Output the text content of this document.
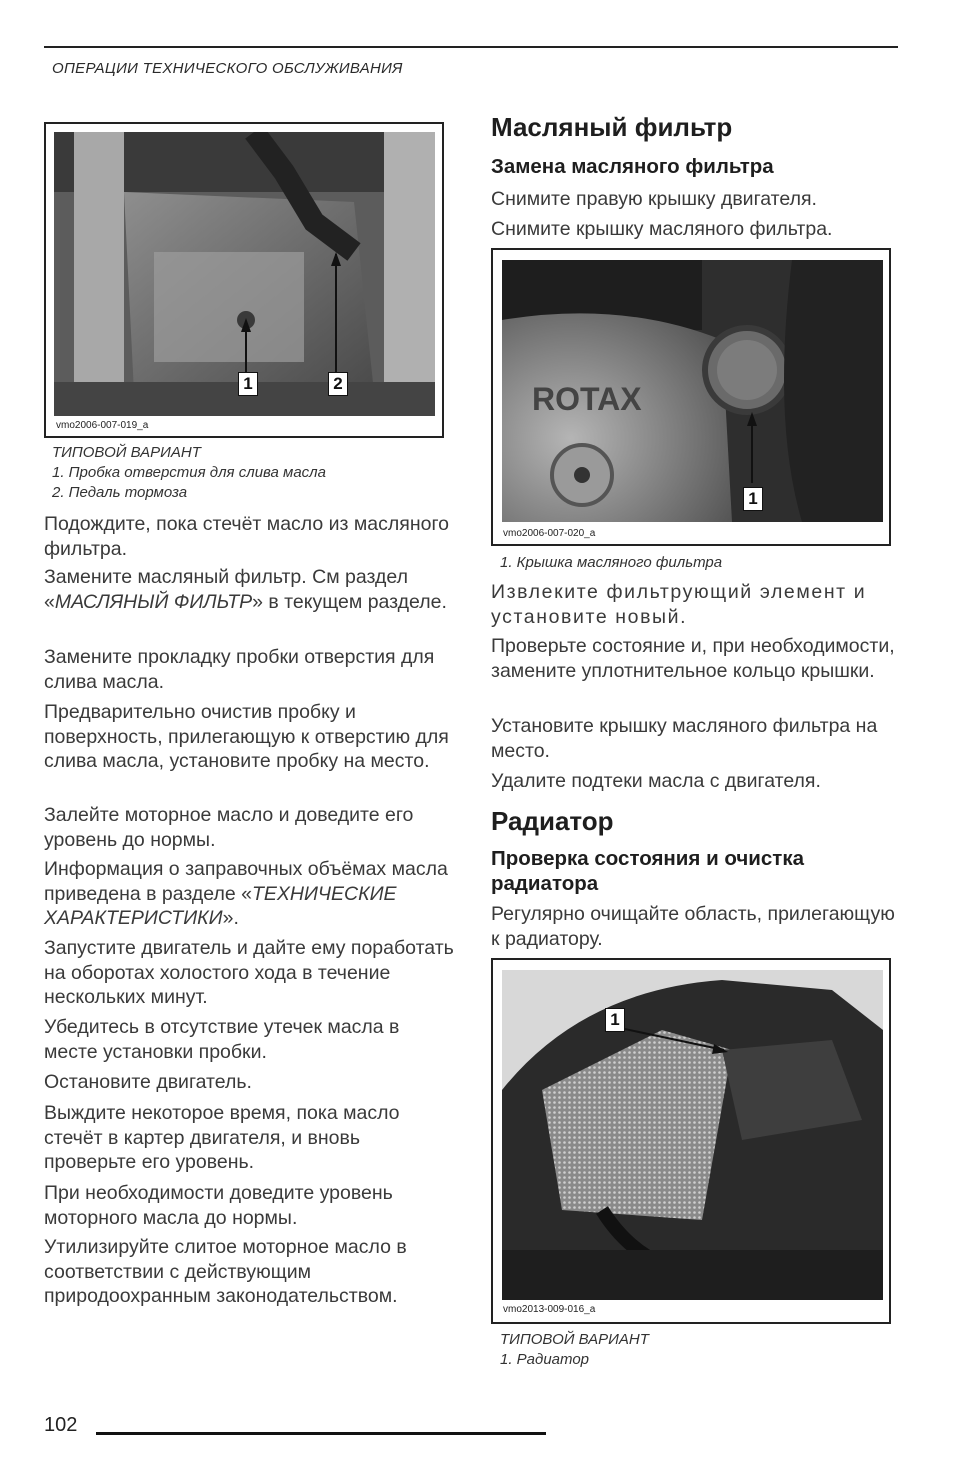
ОПЕРАЦИИ ТЕХНИЧЕСКОГО ОБСЛУЖИВАНИЯ
1	2
vmo2006-007-019_a
ТИПОВОЙ ВАРИАНТ
1. Пробка отверстия для слива масла
2. Педаль тормоза

Подождите, пока стечёт масло из масляного фильтра.

Замените масляный фильтр. См раздел «МАСЛЯНЫЙ ФИЛЬТР» в текущем разделе.

Замените прокладку пробки отверстия для слива масла.

Предварительно очистив пробку и поверхность, прилегающую к отверстию для слива масла, установите пробку на место.

Залейте моторное масло и доведите его уровень до нормы.

Информация о заправочных объёмах масла приведена в разделе «ТЕХНИЧЕСКИЕ ХАРАКТЕРИСТИКИ».

Запустите двигатель и дайте ему поработать на оборотах холостого хода в течение нескольких минут.

Убедитесь в отсутствие утечек масла в месте установки пробки.

Остановите двигатель.

Выждите некоторое время, пока масло стечёт в картер двигателя, и вновь проверьте его уровень.

При необходимости доведите уровень моторного масла до нормы.

Утилизируйте слитое моторное масло в соответствии с действующим природоохранным законодательством.

Масляный фильтр
Замена масляного фильтра

Снимите правую крышку двигателя.

Снимите крышку масляного фильтра.

ROTAX
1
vmo2006-007-020_a
1. Крышка масляного фильтра

Извлеките фильтрующий элемент и установите новый.

Проверьте состояние и, при необходимости, замените уплотнительное кольцо крышки.

Установите крышку масляного фильтра на место.

Удалите подтеки масла с двигателя.

Радиатор
Проверка состояния и очистка радиатора

Регулярно очищайте область, прилегающую к радиатору.

1
vmo2013-009-016_a
ТИПОВОЙ ВАРИАНТ
1. Радиатор
102
